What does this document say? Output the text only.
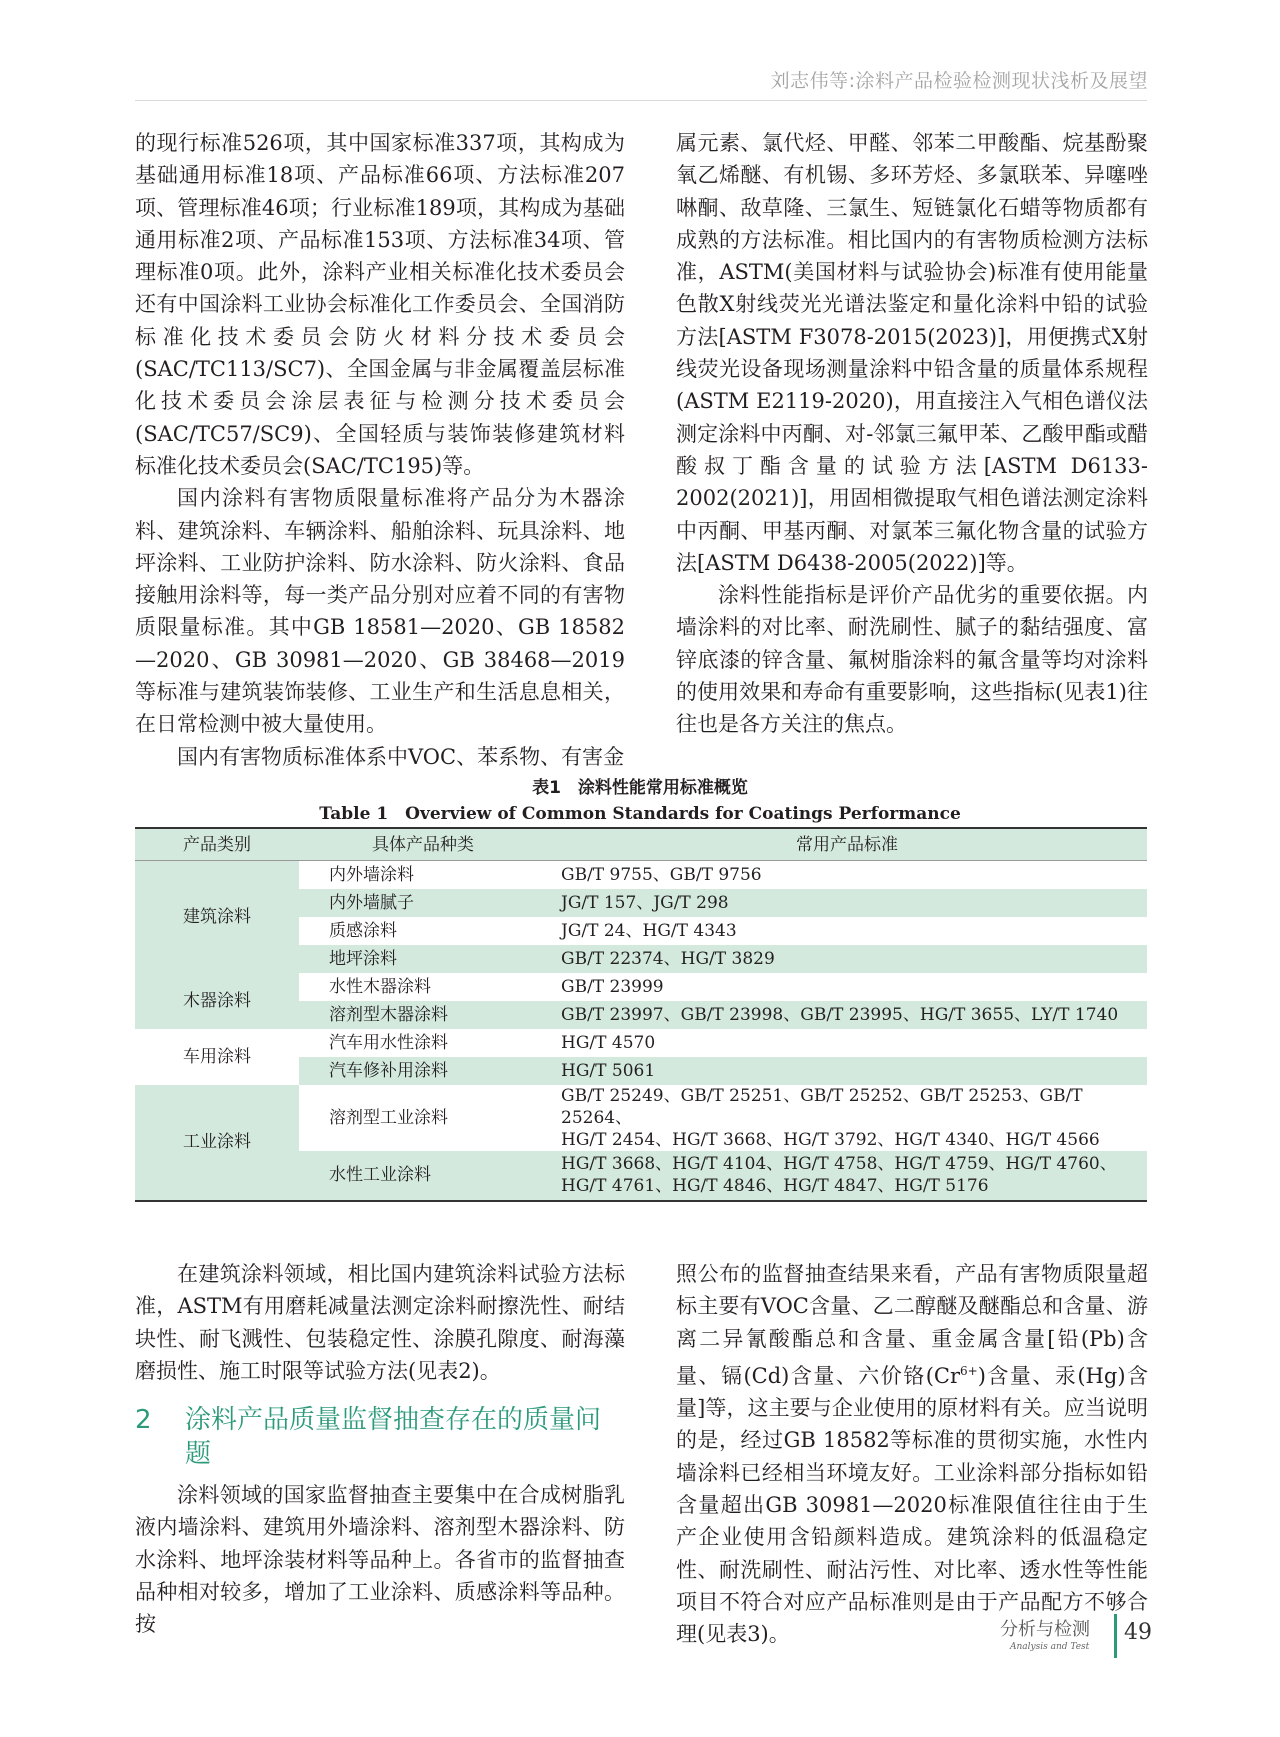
刘志伟等:涂料产品检验检测现状浅析及展望

的现行标准526项，其中国家标准337项，其构成为基础通用标准18项、产品标准66项、方法标准207项、管理标准46项；行业标准189项，其构成为基础通用标准2项、产品标准153项、方法标准34项、管理标准0项。此外，涂料产业相关标准化技术委员会还有中国涂料工业协会标准化工作委员会、全国消防标准化技术委员会防火材料分技术委员会(SAC/TC113/SC7)、全国金属与非金属覆盖层标准化技术委员会涂层表征与检测分技术委员会(SAC/TC57/SC9)、全国轻质与装饰装修建筑材料标准化技术委员会(SAC/TC195)等。

国内涂料有害物质限量标准将产品分为木器涂料、建筑涂料、车辆涂料、船舶涂料、玩具涂料、地坪涂料、工业防护涂料、防水涂料、防火涂料、食品接触用涂料等，每一类产品分别对应着不同的有害物质限量标准。其中GB 18581—2020、GB 18582—2020、GB 30981—2020、GB 38468—2019等标准与建筑装饰装修、工业生产和生活息息相关，在日常检测中被大量使用。

国内有害物质标准体系中VOC、苯系物、有害金

属元素、氯代烃、甲醛、邻苯二甲酸酯、烷基酚聚氧乙烯醚、有机锡、多环芳烃、多氯联苯、异噻唑啉酮、敌草隆、三氯生、短链氯化石蜡等物质都有成熟的方法标准。相比国内的有害物质检测方法标准，ASTM(美国材料与试验协会)标准有使用能量色散X射线荧光光谱法鉴定和量化涂料中铅的试验方法[ASTM F3078-2015(2023)]，用便携式X射线荧光设备现场测量涂料中铅含量的质量体系规程(ASTM E2119-2020)，用直接注入气相色谱仪法测定涂料中丙酮、对-邻氯三氟甲苯、乙酸甲酯或醋酸叔丁酯含量的试验方法[ASTM D6133-2002(2021)]，用固相微提取气相色谱法测定涂料中丙酮、甲基丙酮、对氯苯三氟化物含量的试验方法[ASTM D6438-2005(2022)]等。

涂料性能指标是评价产品优劣的重要依据。内墙涂料的对比率、耐洗刷性、腻子的黏结强度、富锌底漆的锌含量、氟树脂涂料的氟含量等均对涂料的使用效果和寿命有重要影响，这些指标(见表1)往往也是各方关注的焦点。

表1　涂料性能常用标准概览
Table 1　Overview of Common Standards for Coatings Performance
产品类别	具体产品种类	常用产品标准
建筑涂料	内外墙涂料	GB/T 9755、GB/T 9756
	内外墙腻子	JG/T 157、JG/T 298
	质感涂料	JG/T 24、HG/T 4343
	地坪涂料	GB/T 22374、HG/T 3829
木器涂料	水性木器涂料	GB/T 23999
	溶剂型木器涂料	GB/T 23997、GB/T 23998、GB/T 23995、HG/T 3655、LY/T 1740
车用涂料	汽车用水性涂料	HG/T 4570
	汽车修补用涂料	HG/T 5061
工业涂料	溶剂型工业涂料	GB/T 25249、GB/T 25251、GB/T 25252、GB/T 25253、GB/T 25264、
HG/T 2454、HG/T 3668、HG/T 3792、HG/T 4340、HG/T 4566

	水性工业涂料	HG/T 3668、HG/T 4104、HG/T 4758、HG/T 4759、HG/T 4760、
HG/T 4761、HG/T 4846、HG/T 4847、HG/T 5176

在建筑涂料领域，相比国内建筑涂料试验方法标准，ASTM有用磨耗减量法测定涂料耐擦洗性、耐结块性、耐飞溅性、包装稳定性、涂膜孔隙度、耐海藻磨损性、施工时限等试验方法(见表2)。

2	涂料产品质量监督抽查存在的质量问题

涂料领域的国家监督抽查主要集中在合成树脂乳液内墙涂料、建筑用外墙涂料、溶剂型木器涂料、防水涂料、地坪涂装材料等品种上。各省市的监督抽查品种相对较多，增加了工业涂料、质感涂料等品种。按

照公布的监督抽查结果来看，产品有害物质限量超标主要有VOC含量、乙二醇醚及醚酯总和含量、游离二异氰酸酯总和含量、重金属含量[铅(Pb)含量、镉(Cd)含量、六价铬$(Cr^{6+})$含量、汞(Hg)含量]等，这主要与企业使用的原材料有关。应当说明的是，经过GB 18582等标准的贯彻实施，水性内墙涂料已经相当环境友好。工业涂料部分指标如铅含量超出GB 30981—2020标准限值往往由于生产企业使用含铅颜料造成。建筑涂料的低温稳定性、耐洗刷性、耐沾污性、对比率、透水性等性能项目不符合对应产品标准则是由于产品配方不够合理(见表3)。	分析与检测
Analysis and Test
49
